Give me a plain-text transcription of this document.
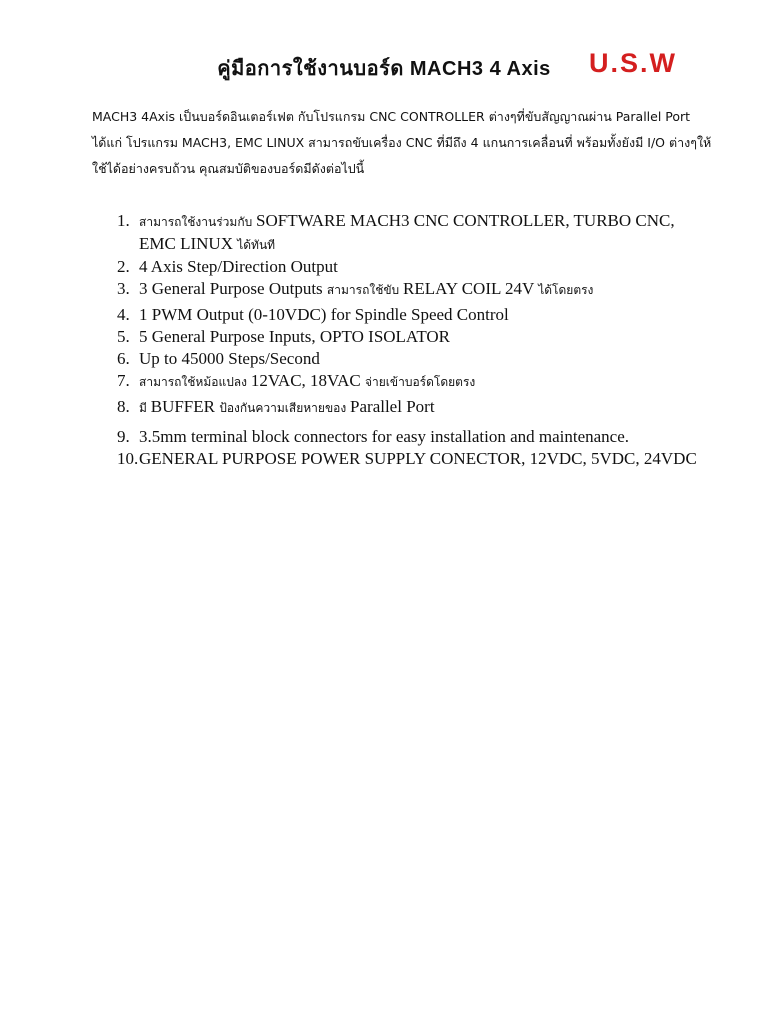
คู่มือการใช้งานบอร์ด MACH3 4 Axis	U.S.W
MACH3 4Axis เป็นบอร์ดอินเตอร์เฟต กับโปรแกรม CNC CONTROLLER ต่างๆที่ขับสัญญาณผ่าน Parallel Port
ได้แก่ โปรแกรม MACH3, EMC LINUX สามารถขับเครื่อง CNC ที่มีถึง 4 แกนการเคลื่อนที่ พร้อมทั้งยังมี I/O ต่างๆให้
ใช้ได้อย่างครบถ้วน คุณสมบัติของบอร์ดมีดังต่อไปนี้
1. สามารถใช้งานร่วมกับ SOFTWARE MACH3 CNC CONTROLLER, TURBO CNC, EMC LINUX ได้ทันที
2. 4 Axis Step/Direction Output
3. 3 General Purpose Outputs สามารถใช้ขับ RELAY COIL 24V ได้โดยตรง
4. 1 PWM Output (0-10VDC) for Spindle Speed Control
5. 5 General Purpose Inputs, OPTO ISOLATOR
6. Up to 45000 Steps/Second
7. สามารถใช้หม้อแปลง 12VAC, 18VAC จ่ายเข้าบอร์ดโดยตรง
8. มี BUFFER ป้องกันความเสียหายของ Parallel Port
9. 3.5mm terminal block connectors for easy installation and maintenance.
10. GENERAL PURPOSE POWER SUPPLY CONECTOR, 12VDC, 5VDC, 24VDC
